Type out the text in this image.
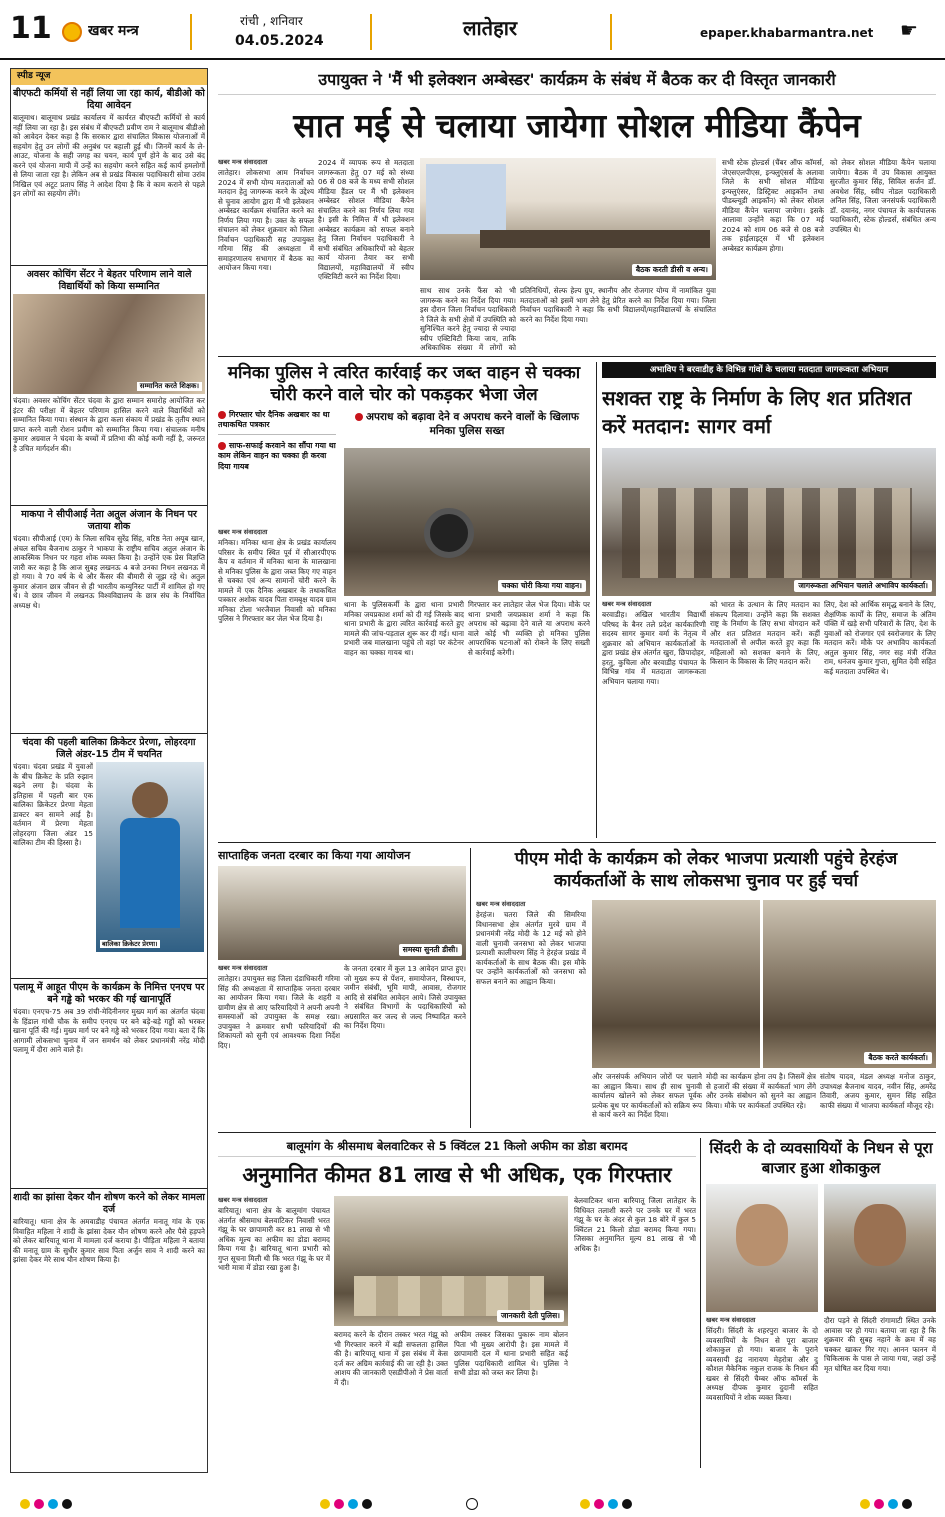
11	खबर मन्त्र
रांची , शनिवार
04.05.2024
लातेहार	epaper.khabarmantra.net ☛
स्पीड न्यूज
बीएफटी कर्मियों से नहीं लिया जा रहा कार्य, बीडीओ को दिया आवेदन
बालूमाथ। बालूमाथ प्रखंड कार्यालय में कार्यरत बीएफटी कर्मियों से कार्य नहीं लिया जा रहा है। इस संबंध में बीएफटी प्रवीण राम ने बालूमाथ बीडीओ को आवेदन देकर कहा है कि सरकार द्वारा संचालित विकास योजनाओं में सहयोग हेतु उन लोगों की अनुबंध पर बहाली हुई थी। जिनमें कार्य के ले-आउट, योजना के सही जगह का चयन, कार्य पूर्ण होने के बाद उसे बंद करने एवं योजना मापी में उन्हें का सहयोग करने सहित कई कार्य हमलोगों से लिया जाता रहा है। लेकिन अब से प्रखंड विकास पदाधिकारी सोमा उरांव निखिल एवं अटूट प्रताप सिंह ने आदेश दिया है कि वे काम कराने से पहले इन लोगों का सहयोग लेंगे।
अवसर कोचिंग सेंटर ने बेहतर परिणाम लाने वाले विद्यार्थियों को किया सम्मानित
सम्मानित करते शिक्षक।
चंदवा। अवसर कोचिंग सेंटर चंदवा के द्वारा सम्मान समारोह आयोजित कर इंटर की परीक्षा में बेहतर परिणाम हासिल करने वाले विद्यार्थियों को सम्मानित किया गया। संस्थान के द्वारा कला संकाय में प्रखंड के तृतीय स्थान प्राप्त करने वाली रोशन प्रवीण को सम्मानित किया गया। संचालक मनीष कुमार अग्रवाल ने चंदवा के बच्चों में प्रतिभा की कोई कमी नहीं है, जरूरत है उचित मार्गदर्शन की।
माकपा ने सीपीआई नेता अतुल अंजान के निधन पर जताया शोक
चंदवा। सीपीआई (एम) के जिला सचिव सुरेंद्र सिंह, वरिष्ठ नेता अयूब खान, अंचल सचिव बैजनाथ ठाकुर ने भाकपा के राष्ट्रीय सचिव अतुल अंजान के आकस्मिक निधन पर गहरा शोक व्यक्त किया है। उन्होंने एक प्रेस विज्ञप्ति जारी कर कहा है कि आज सुबह लखनऊ 4 बजे उनका निधन लखनऊ में हो गया। वे 70 वर्ष के थे और कैंसर की बीमारी से जूझ रहे थे। अतुल कुमार अंजान छात्र जीवन से ही भारतीय कम्युनिस्ट पार्टी में शामिल हो गए थे। वे छात्र जीवन में लखनऊ विश्वविद्यालय के छात्र संघ के निर्वाचित अध्यक्ष थे।
चंदवा की पहली बालिका क्रिकेटर प्रेरणा, लोहरदगा जिले अंडर-15 टीम में चयनित
चंदवा। चंदवा प्रखंड में युवाओं के बीच क्रिकेट के प्रति रुझान बढ़ने लगा है। चंदवा के इतिहास में पहली बार एक बालिका क्रिकेटर प्रेरणा मेहता डाक्टर बन सामने आई है। वर्तमान में प्रेरणा मेहता लोहरदगा जिला अंडर 15 बालिका टीम की हिस्सा है।
बालिका क्रिकेटर प्रेरणा।
पलामू में आहूत पीएम के कार्यक्रम के निमित्त एनएच पर बने गड्ढे को भरकर की गई खानापूर्ति
चंदवा। एनएच-75 अब 39 रांची-मेदिनीनगर मुख्य मार्ग का अंतर्गत चंदवा के हिंडाल गांधी चौक के समीप एनएच पर बने बड़े-बड़े गड्ढों को भरकर खाना पूर्ति की गई। मुख्य मार्ग पर बने गड्ढे को भरकर दिया गया। बता दें कि आगामी लोकसभा चुनाव में जन समर्थन को लेकर प्रधानमंत्री नरेंद्र मोदी पलामू में दौरा आने वाले हैं।
शादी का झांसा देकर यौन शोषण करने को लेकर मामला दर्ज
बारियातू। थाना क्षेत्र के अमवाडीह पंचायत अंतर्गत मनातू गांव के एक विवाहित महिला ने शादी के झांसा देकर यौन शोषण करने और पैसे हड़पने को लेकर बारियातू थाना में मामला दर्ज कराया है। पीड़िता महिला ने बताया की मनातू ग्राम के सुधीर कुमार साव पिता अर्जुन साव ने शादी करने का झांसा देकर मेरे साथ यौन शोषण किया है।
उपायुक्त ने 'मैं भी इलेक्शन अम्बेस्डर' कार्यक्रम के संबंध में बैठक कर दी विस्तृत जानकारी
सात मई से चलाया जायेगा सोशल मीडिया कैंपेन
खबर मन्त्र संवाददाता
लातेहार। लोकसभा आम निर्वाचन 2024 में सभी योग्य मतदाताओं को मतदान हेतु जागरूक करने के उद्देश्य से चुनाव आयोग द्वारा मैं भी इलेक्शन अम्बेस्डर कार्यक्रम संचालित करने का निर्णय लिया गया है। उक्त के सफल संचालन को लेकर शुक्रवार को जिला निर्वाचन पदाधिकारी सह उपायुक्त गरिमा सिंह की अध्यक्षता में समाहरणालय सभागार में बैठक का आयोजन किया गया।
2024 में व्यापक रूप से मतदाता जागरूकता हेतु 07 मई को संध्या 06 से 08 बजे के मध्य सभी सोशल मीडिया हैंडल पर मैं भी इलेक्शन अम्बेस्डर सोशल मीडिया कैंपेन संचालित करने का निर्णय लिया गया है। इसी के निमित्त मैं भी इलेक्शन अम्बेस्डर कार्यक्रम को सफल बनाने हेतु जिला निर्वाचन पदाधिकारी ने सभी संबंधित अधिकारियों को बेहतर कार्य योजना तैयार कर सभी विद्यालयों, महाविद्यालयों में स्वीप एक्टिविटी करने का निर्देश दिया।
बैठक करती डीसी व अन्य।
साथ साथ उनके फैंस को भी जागरूक करने का निर्देश दिया गया। इस दौरान जिला निर्वाचन पदाधिकारी ने जिले के सभी क्षेत्रों में उपस्थिति को सुनिश्चित करने हेतु ज्यादा से ज्यादा स्वीप एक्टिविटी किया जाय, ताकि अधिकाधिक संख्या में लोगों को
प्रतिनिधियों, सेल्फ हेल्प ग्रुप, स्थानीय और रोजगार योग्य में नामांकित युवा मतदाताओं को इसमें भाग लेने हेतु प्रेरित करने का निर्देश दिया गया। जिला निर्वाचन पदाधिकारी ने कहा कि सभी विद्यालयों/महाविद्यालयों के संचालित करने का निर्देश दिया गया।
सभी स्टेक होल्डर्स (चैंबर ऑफ कॉमर्स, जेएसएलपीएस, इन्फ्लुएंसर्स के अलावा जिले के सभी सोशल मीडिया इन्फ्लुएंसर, डिस्ट्रिक्ट आइकॉन तथा पीडब्ल्यूडी आइकॉन) को लेकर सोशल मीडिया कैंपेन चलाया जायेगा। इसके आलावा उन्होंने कहा कि 07 मई 2024 को शाम 06 बजे से 08 बजे तक हाईलाइट्स में भी इलेक्शन अम्बेस्डर कार्यक्रम होगा।
को लेकर सोशल मीडिया कैंपेन चलाया जायेगा। बैठक में उप विकास आयुक्त सुरजीत कुमार सिंह, सिविल सर्जन डॉ. अवधेश सिंह, स्वीप नोडल पदाधिकारी अनिल सिंह, जिला जनसंपर्क पदाधिकारी डॉ. दयानंद, नगर पंचायत के कार्यपालक पदाधिकारी, स्टेक होल्डर्स, संबंधित अन्य उपस्थित थे।
मनिका पुलिस ने त्वरित कार्रवाई कर जब्त वाहन से चक्का चोरी करने वाले चोर को पकड़कर भेजा जेल
गिरफ्तार चोर दैनिक अखबार का था तथाकथित पत्रकार
साफ-सफाई करवाने का सौंपा गया था काम लेकिन वाहन का चक्का ही करवा दिया गायब
अपराध को बढ़ावा देने व अपराध करने वालों के खिलाफ मनिका पुलिस सख्त
चक्का चोरी किया गया वाहन।
खबर मन्त्र संवाददाता
मनिका। मनिका थाना क्षेत्र के प्रखंड कार्यालय परिसर के समीप स्थित पूर्व में सीआरपीएफ कैंप व वर्तमान में मनिका थाना के मालखाना से मनिका पुलिस के द्वारा जब्त किए गए वाहन से चक्का एवं अन्य सामानों चोरी करने के मामले में एक दैनिक अखबार के तथाकथित पत्रकार अशोक यादव पिता रामबृक्ष यादव ग्राम मनिका टोला भरजैवाल निवासी को मनिका पुलिस ने गिरफ्तार कर जेल भेज दिया है।
थाना के पुलिसकर्मी के द्वारा थाना प्रभारी मनिका जयप्रकाश शर्मा को दी गई जिसके बाद थाना प्रभारी के द्वारा त्वरित कार्रवाई करते हुए मामले की जांच-पड़ताल शुरू कर दी गई। थाना प्रभारी जब मालखाना पहुंचे तो वहां पर कंटेनर वाहन का चक्का गायब था।
गिरफ्तार कर लातेहार जेल भेज दिया। मौके पर थाना प्रभारी जयप्रकाश शर्मा ने कहा कि अपराध को बढ़ावा देने वाले या अपराध करने वाले कोई भी व्यक्ति हो मनिका पुलिस आपराधिक घटनाओं को रोकने के लिए सख्ती से कार्रवाई करेगी।
अभाविप ने बरवाडीह के विभिन्न गांवों के चलाया मतदाता जागरूकता अभियान
सशक्त राष्ट्र के निर्माण के लिए शत प्रतिशत करें मतदान: सागर वर्मा
जागरूकता अभियान चलाते अभाविप कार्यकर्ता।
खबर मन्त्र संवाददाता
बरवाडीह। अखिल भारतीय विद्यार्थी परिषद के बैनर तले प्रदेश कार्यकारिणी सदस्य सागर कुमार वर्मा के नेतृत्व में शुक्रवार को अभियान कार्यकर्ताओं के द्वारा प्रखंड क्षेत्र अंतर्गत खुरा, छिपादोहर, हरतु, कुचिला और बरवाडीह पंचायत के विभिन्न गांव में मतदाता जागरूकता अभियान चलाया गया।
को भारत के उत्थान के लिए मतदान का संकल्प दिलाया। उन्होंने कहा कि सशक्त राष्ट्र के निर्माण के लिए सभा योगदान करें और शत प्रतिशत मतदान करें। कहीं मतदाताओं से अपील करते हुए कहा कि महिलाओं को सशक्त बनाने के लिए, किसान के विकास के लिए मतदान करें।
लिए, देश को आर्थिक समृद्ध बनाने के लिए, शैक्षणिक कार्यों के लिए, समाज के अंतिम पंक्ति में खड़े सभी परिवारों के लिए, देश के युवाओं को रोजगार एवं स्वरोजगार के लिए मतदान करें। मौके पर अभाविप कार्यकर्ता अतुल कुमार सिंह, नगर सह मंत्री रंजित राम, धनंजय कुमार गुप्ता, सुमित देवी सहित कई मतदाता उपस्थित थे।
साप्ताहिक जनता दरबार का किया गया आयोजन
समस्या सुनती डीसी।
खबर मन्त्र संवाददाता
लातेहार। उपायुक्त सह जिला दंडाधिकारी गरिमा सिंह की अध्यक्षता में साप्ताहिक जनता दरबार का आयोजन किया गया। जिले के शहरी व ग्रामीण क्षेत्र से आए फरियादियों ने अपनी अपनी समस्याओं को उपायुक्त के समक्ष रखा। उपायुक्त ने क्रमवार सभी फरियादियों की शिकायतों को सुनी एवं आवश्यक दिशा निर्देश दिए।
के जनता दरबार में कुल 13 आवेदन प्राप्त हुए। जो मुख्य रूप से पेंशन, समायोजन, विस्थापन, जमीन संबंधी, भूमि मापी, आवास, रोजगार आदि से संबंधित आवेदन आये। जिसे उपायुक्त ने संबंधित विभागों के पदाधिकारियों को अग्रसारित कर जल्द से जल्द निष्पादित करने का निर्देश दिया।
पीएम मोदी के कार्यक्रम को लेकर भाजपा प्रत्याशी पहुंचे हेरहंज कार्यकर्ताओं के साथ लोकसभा चुनाव पर हुई चर्चा
खबर मन्त्र संवाददाता
हेरहंज। चतरा जिले की सिमरिया विधानसभा क्षेत्र अंतर्गत मुरवे ग्राम में प्रधानमंत्री नरेंद्र मोदी के 12 मई को होने वाली चुनावी जनसभा को लेकर भाजपा प्रत्याशी कालीचरण सिंह ने हेरहंज प्रखंड में कार्यकर्ताओं के साथ बैठक की। इस मौके पर उन्होंने कार्यकर्ताओं को जनसभा को सफल बनाने का आह्वान किया।
बैठक करते कार्यकर्ता।
और जनसंपर्क अभियान जोरों पर चलाने का आह्वान किया। साथ ही साथ चुनावी कार्यालय खोलने को लेकर सफल पूर्वक प्रत्येक बूथ पर कार्यकर्ताओं को सक्रिय रूप से कार्य करने का निर्देश दिया।
मोदी का कार्यक्रम होना तय है। जिसमें क्षेत्र से हजारों की संख्या में कार्यकर्ता भाग लेंगे और उनके संबोधन को सुनने का आह्वान किया। मौके पर कार्यकर्ता उपस्थित रहे।
संतोष यादव, मंडल अध्यक्ष मनोज ठाकुर, उपाध्यक्ष बैजनाथ यादव, नवीन सिंह, अमरेंद्र तिवारी, अजय कुमार, सुमन सिंह सहित काफी संख्या में भाजपा कार्यकर्ता मौजूद रहे।
बालूमांग के श्रीसमाध बेलवाटिकर से 5 क्विंटल 21 किलो अफीम का डोडा बरामद
अनुमानित कीमत 81 लाख से भी अधिक, एक गिरफ्तार
खबर मन्त्र संवाददाता
बारियातू। थाना क्षेत्र के बालूमांग पंचायत अंतर्गत श्रीसमाध बेलवाटिकर निवासी भरत गंझू के घर छापामारी कर 81 लाख से भी अधिक मूल्य का अफीम का डोडा बरामद किया गया है। बारियातू थाना प्रभारी को गुप्त सूचना मिली थी कि भरत गंझू के घर में भारी मात्रा में डोडा रखा हुआ है।
जानकारी देती पुलिस।
बरामद करने के दौरान तस्कर भरत गंझू को भी गिरफ्तार करने में बड़ी सफलता हासिल की है। बारियातू थाना में इस संबंध में केस दर्ज कर अग्रिम कार्रवाई की जा रही है। उक्त आशय की जानकारी एसडीपीओ ने प्रेस वार्ता में दी।
अफीम तस्कर जिसका पुकारू नाम बोलन पिता भी मुख्य आरोपी है। इस मामले में छापामारी दल में थाना प्रभारी सहित कई पुलिस पदाधिकारी शामिल थे। पुलिस ने सभी डोडा को जब्त कर लिया है।
बेलवाटिकर थाना बारियातू जिला लातेहार के विधिवत तलाशी करने पर उनके घर में भरत गंझू के घर के अंदर से कुल 18 बोरे में कुल 5 क्विंटल 21 किलो डोडा बरामद किया गया। जिसका अनुमानित मूल्य 81 लाख से भी अधिक है।
सिंदरी के दो व्यवसायियों के निधन से पूरा बाजार हुआ शोकाकुल
खबर मन्त्र संवाददाता
सिंदरी। सिंदरी के शहरपुरा बाजार के दो व्यवसायियों के निधन से पूरा बाजार शोकाकुल हो गया। बाजार के पुराने व्यवसायी इंद्र नारायण मेहरोत्रा और दु कौशल मैकेनिक नकुल राजक के निधन की खबर से सिंदरी चैम्बर ऑफ कॉमर्स के अध्यक्ष दीपक कुमार दुदानी सहित व्यवसायियों ने शोक व्यक्त किया।
दौरा पड़ने से सिंदरी रांगामाटी स्थित उनके आवास पर हो गया। बताया जा रहा है कि शुक्रवार की सुबह नहाने के क्रम में वह चक्कर खाकर गिर गए। आनन फानन में चिकित्सक के पास ले जाया गया, जहां उन्हें मृत घोषित कर दिया गया।
